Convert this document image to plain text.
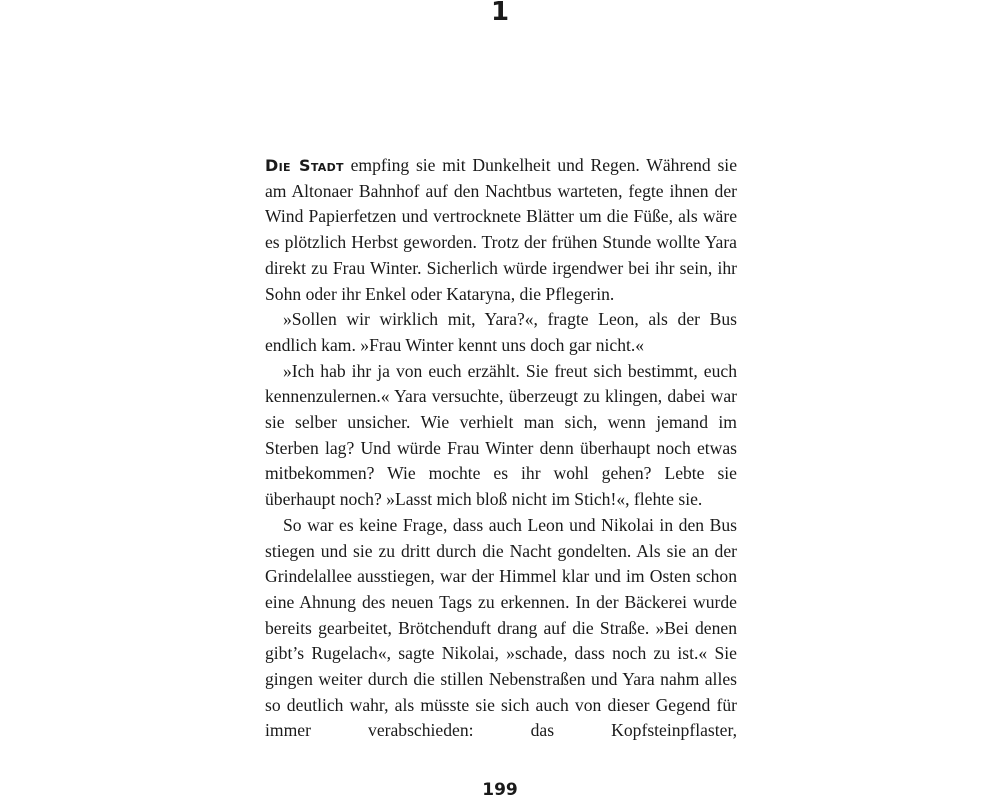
1

Die Stadt empfing sie mit Dunkelheit und Regen. Während sie am Altonaer Bahnhof auf den Nachtbus warteten, fegte ihnen der Wind Papierfetzen und vertrocknete Blätter um die Füße, als wäre es plötzlich Herbst geworden. Trotz der frühen Stunde wollte Yara direkt zu Frau Winter. Sicherlich würde irgendwer bei ihr sein, ihr Sohn oder ihr Enkel oder Kataryna, die Pflegerin.

»Sollen wir wirklich mit, Yara?«, fragte Leon, als der Bus endlich kam. »Frau Winter kennt uns doch gar nicht.«

»Ich hab ihr ja von euch erzählt. Sie freut sich bestimmt, euch kennenzulernen.« Yara versuchte, überzeugt zu klingen, dabei war sie selber unsicher. Wie verhielt man sich, wenn jemand im Sterben lag? Und würde Frau Winter denn überhaupt noch etwas mitbekommen? Wie mochte es ihr wohl gehen? Lebte sie überhaupt noch? »Lasst mich bloß nicht im Stich!«, flehte sie.

So war es keine Frage, dass auch Leon und Nikolai in den Bus stiegen und sie zu dritt durch die Nacht gondelten. Als sie an der Grindelallee ausstiegen, war der Himmel klar und im Osten schon eine Ahnung des neuen Tags zu erkennen. In der Bäckerei wurde bereits gearbeitet, Brötchenduft drang auf die Straße. »Bei denen gibt’s Rugelach«, sagte Nikolai, »schade, dass noch zu ist.« Sie gingen weiter durch die stillen Nebenstraßen und Yara nahm alles so deutlich wahr, als müsste sie sich auch von dieser Gegend für immer verabschieden: das Kopfsteinpflaster,

199
